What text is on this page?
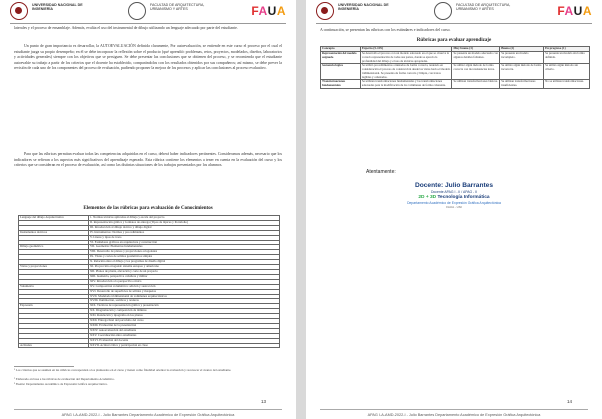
UNIVERSIDAD NACIONAL DE INGENIERÍA
FACULTAD DE ARQUITECTURA, URBANISMO Y ARTES	FAUA
laterales y el proceso de ensamblaje. Además, evalúa el uso del instrumental de dibujo utilizando un lenguaje adecuado por parte del estudiante.
Un punto de gran importancia es desarrollar, la AUTOEVALUACIÓN definida claramente, Por autoevaluación, se entiende en este curso el proceso por el cual el estudiante juzga su propio desempeño; en él se debe incorporar la reflexión sobre el producto (qué aprendió: problemas, retos, proyectos, modelados, diseños, laboratorios y actividades generales) siempre con los objetivos que se persiguen. Se debe presentar las conclusiones que se obtienen del proceso, y se recomienda que el estudiante autoevalúe su trabajo a partir de los criterios que el docente ha establecido, comparándolos con los resultados obtenidos por sus compañeros; así mismo, se debe prever la revisión de cada uno de los componentes del proceso de evaluación, pudiendo proponer la mejora de los procesos y aplicar las conclusiones al proceso evaluativo.
Para que las rúbricas permitan evaluar todas las competencias adquiridas en el curso, deberá haber indicadores pertinentes. Consideramos además, necesario que los indicadores se refieran a los aspectos más significativos del aprendizaje esperado. Esta rúbrica contiene los elementos a tener en cuenta en la evaluación del curso y los criterios que se consideran en el proceso de evaluación, así como las distintas situaciones de los trabajos presentados por los alumnos.
Elementos de las rúbricas para evaluación de Conocimientos
Lenguaje del dibujo Arquitectónico	1. Normas técnicas aplicadas al dibujo y escala del proyecto
	II. Representación gráfica y formatos de entrega (Tipos de lápices y Portafolio)
	III. Introducción al dibujo técnico y dibujo digital
Instrumentos técnicos	IV. Instrumentos: Normas y procedimientos
	V. Líneas y tipos de trazo
	VI. Estándares gráficos en arquitectura y construcción
Dibujo geométrico	VII. Geometría: Elementos fundamentales
	VIII. Desarrollo de planos y proyecciones ortogonales
	IX. Vistas y cortes de sólidos geométricos simples
	X. Relación entre el dibujo y los programas de diseño digital
Vistas y proyecciones	XI. Proyección ortogonal: sistema europeo y americano
	XII. Planos de planta, elevación y corte de un proyecto
	XIII. Isometría, perspectiva caballera y militar
	XIV. Introducción a la perspectiva cónica
Volumetría	XV. Composición volumétrica: adición y sustracción
	XVI. Desarrollo de superficies de sólidos y maquetas
	XVII. Modelado tridimensional de volúmenes arquitectónicos
	XVIII. Iluminación, sombras y texturas
Expresión	XIX. Técnicas de representación gráfica y presentación
	XX. Diagramación y composición de láminas
	XXI. Rotulación y tipografía en los planos
	XXII. Entrega final del portafolio del curso
	XXIII. Evaluación de la presentación
	XXIV. Autoevaluación del estudiante
	XXV. Coevaluación entre estudiantes
	XXVI. Evaluación del docente
Actitudes	XXVII. Actitud crítica y participación en clase
¹ Los criterios que se asumen en las rúbricas corresponden a los planteados en el curso y tienen como finalidad orientar la evaluación y reconocer el avance del estudiante.
² Elaborado en base a las rúbricas de evaluación del Departamento Académico.
³ Fuente: Departamento Académico de Expresión Gráfica Arquitectónica.
13
APAG I-A-AMD-2022-I - Julio Barrantes Departamento Académico de Expresión Gráfica Arquitectónica
UNIVERSIDAD NACIONAL DE INGENIERÍA
FACULTAD DE ARQUITECTURA, URBANISMO Y ARTES	FAUA
A continuación, se presentan las rúbricas con los estándares e indicadores del curso.
Rúbricas para evaluar aprendizaje
Concepto	Experto (5-4 Pt)	Muy bueno (3)	Bueno (2)	En progreso (1)
Representación del modelo asignado	Se desarrolla el proceso con un modelo adecuado en el que se observa la correcta representación de todas sus partes, donde se aprecia la profundidad del dibujo y el uso de técnicas apropiadas.	Se presenta un modelo adecuado con algunos detalles faltantes.	Se presenta un modelo incompleto.	Se presenta un modelo sin forma definida.
Secuencia lógica	Se utilizó procedimientos ordenados de forma correcta, teniendo en consideración el proceso de construcción desde las vistas hacia el modelo tridimensional. Se presenta de forma correcta y limpia, con trazos legibles y ordenados.	Se utilizó algún método de forma correcta con inconsistencias leves.	Se utilizó algún método de forma incorrecta.	Se utilizó algún método sin criterio.
Transformaciones fundamentales	Se utilizan transformaciones fundamentales y las transformaciones adecuadas para la modificación de los volúmenes de forma coherente.	Se utilizan transformaciones básicas.	Se utilizan transformaciones insuficientes.	No se utilizan transformaciones.
Atentamente:
Docente: Julio Barrantes
Docente APAG I - II / APAG - II
2D + 3D Tecnología Informática
Departamento Académico de Expresión Gráfica Arquitectónica
FAUA - UNI
14
APAG I-A-AMD-2022-I - Julio Barrantes Departamento Académico de Expresión Gráfica Arquitectónica
